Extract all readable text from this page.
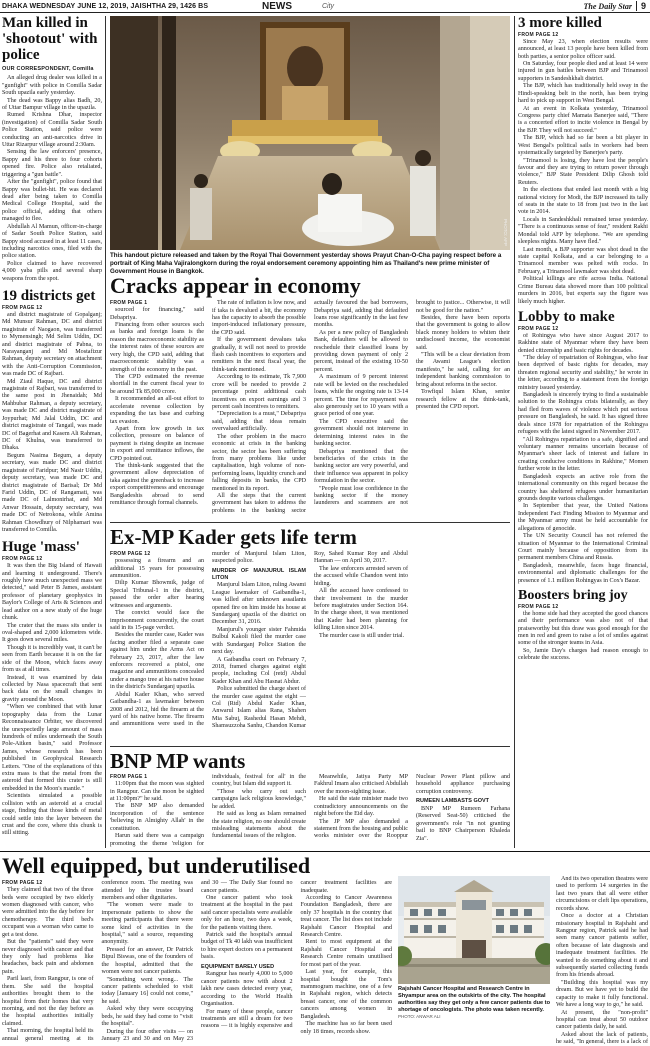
DHAKA WEDNESDAY JUNE 12, 2019, JAISHTHA 29, 1426 BS	NEWS	City	The Daily Star	9
Man killed in 'shootout' with police
OUR CORRESPONDENT, Comilla

An alleged drug dealer was killed in a "gunfight" with police in Comilla Sadar South upazila early yesterday.

The dead was Bappy alias Badh, 20, of Uttar Bampur village in the upazila.

Rumed Krishna Dhar, inspector (investigation) of Comilla Sadar South Police Station, said police were conducting an anti-narcotics drive in Uttar Rizarpur village around 2:30am.

Sensing the law enforcers' presence, Bappy and his three to four cohorts opened fire. Police also retaliated, triggering a "gun battle".

After the "gunfight", police found that Bappy was bullet-hit. He was declared dead after being taken to Comilla Medical College Hospital, said the police official, adding that others managed to flee.

Abdullah Al Mamun, officer-in-charge of Sadar South Police Station, said Bappy stood accused in at least 11 cases, including narcotics ones, filed with the police station.

Police claimed to have recovered 4,000 yaba pills and several sharp weapons from the spot.

19 districts get
FROM PAGE 12

and district magistrate of Gopalganj; Md Munsur Rahman, DC and district magistrate of Naogaon, was transferred to Mymensingh; Md Selim Uddin, DC and district magistrate of Pabna, to Narayanganj and Md Mostafizur Rahman, deputy secretary on attachment with the Anti-Corruption Commission, was made DC of Rajbari.

Md Ziaul Haque, DC and district magistrate of Rajbari, was transferred to the same post in Jhenaidah; Md Mahbubar Rahman, a deputy secretary, was made DC and district magistrate of Joypurhat; Md Jalal Uddin, DC and district magistrate of Tangail, was made DC of Bagerhat and Kasem Ali Rahman, DC of Khulna, was transferred to Dhaka.

Begum Nasima Begum, a deputy secretary, was made DC and district magistrate of Faridpur; Md Nasir Uddin, deputy secretary, was made DC and district magistrate of Barisal; Dr Md Farid Uddin, DC of Rangamati, was made DC of Lalmonirhat, and Md Anwar Hossain, deputy secretary, was made DC of Netrokona, while Amina Rahman Chowdhury of Nilphamari was transferred to Comilla.

Huge 'mass'
FROM PAGE 12

It was then the Big Island of Hawaii and learning it underground. There's roughly how much unexpected mass we detected," said Peter B James, assistant professor of planetary geophysics in Baylor's College of Arts & Sciences and lead author on a new study of the huge chunk.

The crater that the mass sits under is oval-shaped and 2,000 kilometres wide. It goes down several miles.

Though it is incredibly vast, it can't be seen from Earth because it is on the far side of the Moon, which faces away from us at all times.

Instead, it was examined by data collected by Nasa spacecraft that sent back data on the small changes in gravity around the Moon.

"When we combined that with lunar topography data from the Lunar Reconnaissance Orbiter, we discovered the unexpectedly large amount of mass hundreds of miles underneath the South Pole-Aitken basin," said Professor James, whose research has been published in Geophysical Research Letters. "One of the explanations of this extra mass is that the metal from the asteroid that formed this crater is still embedded in the Moon's mantle."

Scientists simulated a possible collision with an asteroid at a crucial stage, finding that those kinds of metal could settle into the layer between the crust and the core, where this chunk is still sitting.

PHOTO: AFP
This handout picture released and taken by the Royal Thai Government yesterday shows Prayut Chan-O-Cha paying respect before a portrait of King Maha Vajiralongkorn during the royal endorsement ceremony appointing him as Thailand's new prime minister of Government House in Bangkok.
Cracks appear in economy
FROM PAGE 1

sourced for financing," said Debapriya.

Financing from other sources such as banks and foreign loans is the reason the macroeconomic stability as the interest rates of these sources are very high, the CPD said, adding that macroeconomic stability was a strength of the economy in the past.

The CPD estimated the revenue shortfall in the current fiscal year to be around Tk 85,000 crore.

It recommended an all-out effort to accelerate revenue collection by expanding the tax base and curbing tax evasion.

Apart from low growth in tax collection, pressure on balance of payment is rising despite an increase in export and remittance inflows, the CPD pointed out.

The think-tank suggested that the government allow depreciation of taka against the greenback to increase export competitiveness and encourage Bangladeshis abroad to send remittance through formal channels.

The rate of inflation is low now, and if taka is devalued a bit, the economy has the capacity to absorb the possible import-induced inflationary pressure, the CPD said.

If the government devalues taka gradually, it will not need to provide flash cash incentives to exporters and remitters in the next fiscal year, the think-tank mentioned.

According to its estimate, Tk 7,900 crore will be needed to provide 2 percentage point additional cash incentives on export earnings and 3 percent cash incentives to remitters.

"Depreciation is a must," Debapriya said, adding that ideas remain overvalued artificially.

The other problem in the macro economic at crisis in the banking sector, the sector has been suffering from many problems like under capitalisation, high volume of non-performing loans, liquidity crunch and falling deposits in banks, the CPD mentioned in its report.

All the steps that the current government has taken to address the problems in the banking sector actually favoured the bad borrowers, Debapriya said, adding that defaulted loans rose significantly in the last few months.

As per a new policy of Bangladesh Bank, defaulters will be allowed to reschedule their classified loans by providing down payment of only 2 percent, instead of the existing 10-50 percent.

A maximum of 9 percent interest rate will be levied on the rescheduled loans, while the ongoing rate is 13-14 percent. The time for repayment was also generously set to 10 years with a grace period of one year.

The CPD executive said the government should not intervene in determining interest rates in the banking sector.

Debapriya mentioned that the beneficiaries of the crisis in the banking sector are very powerful, and their influence was apparent in policy formulation in the sector.

"People must lose confidence in the banking sector if the money launderers and scammers are not brought to justice... Otherwise, it will not be good for the nation."

Besides, there have been reports that the government is going to allow black money holders to whiten their undisclosed income, the economist said.

"This will be a clear deviation from the Awami League's election manifesto," he said, calling for an independent banking commission to bring about reforms in the sector.

Towfiqul Islam Khan, senior research fellow at the think-tank, presented the CPD report.

Ex-MP Kader gets life term
FROM PAGE 12

possessing a firearm and an additional 15 years for possessing ammunition.

Dilip Kumar Bhowmik, judge of Special Tribunal-1 in the district, passed the order after hearing witnesses and arguments.

The convict would face the imprisonment concurrently, the court said in its 15-page verdict.

Besides the murder case, Kader was facing another filed a separate case against him under the Arms Act on February 23, 2017, after the law enforcers recovered a pistol, one magazine and ammunitions concealed under a mango tree at his native house in the district's Sundarganj upazila.

Abdul Kader Khan, who served Gaibandha-1 as lawmaker between 2008 and 2012, hid the firearm at the yard of his native home. The firearm and ammunitions were used in the murder of Manjurul Islam Liton, suspected police.

MURDER OF MANJURUL ISLAM LITON

Manjurul Islam Liton, ruling Awami League lawmaker of Gaibandha-1, was killed after unknown assailants opened fire on him inside his house at Sundarganj upazila of the district on December 31, 2016.

Manjurul's younger sister Fahmida Bulbul Kakoli filed the murder case with Sundarganj Police Station the next day.

A Gaibandha court on February 7, 2018, framed charges against eight people, including Col (retd) Abdul Kader Khan and Abu Hasnat Abdur.

Police submitted the charge sheet of the murder case against the eight — Col (Rtd) Abdul Kader Khan, Anwarul Islam alias Rana, Shahen Mia Sabuj, Rashedul Hasan Mehdi, Shamsuzzoha Sanhu, Chandon Kumar Roy, Sahed Kumar Roy and Abdul Hannan — on April 30, 2017.

The law enforcers arrested seven of the accused while Chandon went into hiding.

All the accused have confessed to their involvement in the murder before magistrates under Section 164. In the charge sheet, it was mentioned that Kader had been planning for killing Liton since 2014.

The murder case is still under trial.

BNP MP wants
FROM PAGE 1

11:00pm that the moon was sighted in Rangpur. Can the moon be sighted at 11:00pm?" he said.

The BNP MP also demanded incorporation of the sentence 'believing in Almighty Allah' in the constitution.

Harun said there was a campaign promoting the theme 'religion for individuals, festival for all' in the country, but Islam did support it.

"Those who carry out such campaigns lack religious knowledge," he added.

He said as long as Islam remained the state religion, no one should create misleading statements about the fundamental issues of the religion.

Meanwhile, Jatiya Party MP Fakhrul Imam also criticised Abdullah over the moon-sighting issue.

He said the state minister made two contradictory announcements on the night before the Eid day.

The JP MP also demanded a statement from the housing and public works minister over the Rooppur Nuclear Power Plant pillow and household appliance purchasing corruption controversy.

RUMEEN LAMBASTS GOVT

BNP MP Rumeen Farhana (Reserved Seat-50) criticised the government's role "in not granting bail to BNP Chairperson Khaleda Zia".

3 more killed
FROM PAGE 12

Since May 23, when election results were announced, at least 13 people have been killed from both parties, a senior police officer said.

On Saturday, four people died and at least 14 were injured in gun battles between BJP and Trinamool supporters in Sandeshkhali district.

The BJP, which has traditionally held sway in the Hindi-speaking belt in the north, has been trying hard to pick up support in West Bengal.

At an event in Kolkata yesterday, Trinamool Congress party chief Mamata Banerjee said, "There is a concerted effort to incite violence in Bengal by the BJP. They will not succeed."

The BJP, which had so far been a bit player in West Bengal's political sails in workers had been systematically targeted by Banerjee's party.

"Trinamool is losing, they have lost the people's favour and they are trying to return power through violence," BJP State President Dilip Ghosh told Reuters.

In the elections that ended last month with a big national victory for Modi, the BJP increased its tally of seats in the state to 18 from just two in the last vote in 2014.

Locals in Sandeshkhali remained tense yesterday. "There is a continuous sense of fear," resident Rakhi Mondal told AFP by telephone. "We are spending sleepless nights. Many have fled."

Last month, a BJP supporter was shot dead in the state capital Kolkata, and a car belonging to a Trinamool member was pelted with rocks. In February, a Trinamool lawmaker was shot dead.

Political killings are rife across India. National Crime Bureau data showed more than 100 political murders in 2016, but experts say the figure was likely much higher.

Lobby to make
FROM PAGE 12

of Rohingya who have since August 2017 to Rakhine state of Myanmar where they have been denied citizenship and basic rights for decades.

"The delay of repatriation of Rohingyas, who fear been deprived of basic rights for decades, may threaten regional security and stability," he wrote in the letter, according to a statement from the foreign ministry issued yesterday.

Bangladesh is sincerely trying to find a sustainable solution to the Rohingya crisis bilaterally, as they had fled from waves of violence which put serious pressure on Bangladesh, he said. It has signed three deals since 1978 for repatriation of the Rohingya refugees with the latest signed in November 2017.

"All Rohingya repatriation to a safe, dignified and voluntary manner remains uncertain because of Myanmar's sheer lack of interest and failure in creating conducive conditions in Rakhine," Momen further wrote in the letter.

Bangladesh expects an active role from the international community on this regard because the country has sheltered refugees under humanitarian grounds despite various challenges.

In September that year, the United Nations Independent Fact Finding Mission to Myanmar and the Myanmar army must be held accountable for allegations of genocide.

The UN Security Council has not referred the situation of Myanmar to the International Criminal Court mainly because of opposition from its permanent members China and Russia.

Bangladesh, meanwhile, faces huge financial, environmental and diplomatic challenges for the presence of 1.1 million Rohingyas in Cox's Bazar.

Boosters bring joy
FROM PAGE 12

the home side had they accepted the good chances and their performance was also not of that praiseworthy but this draw was good enough for the men in red and green to raise a lot of smiles against some of the stronger teams in Asia.

So, Jamie Day's charges had reason enough to celebrate the success.

Well equipped, but underutilised
FROM PAGE 12

They claimed that two of the three beds were occupied by two elderly women diagnosed with cancer, who were admitted into the day before for chemotherapy. The third bed's occupant was a woman who came to get a test done.

But the "patients" said they were never diagnosed with cancer and that they only had problems like headaches, back pain and abdomen pain.

Paril lasri, from Rangpur, is one of them. She said the hospital authorities brought them to the hospital from their homes that very morning, and not the day before as the hospital authorities initially claimed.

That morning, the hospital held its annual general meeting at its conference room. The meeting was attended by the trustee board members and other dignitaries.

"The women were made to impersonate patients to show the meeting participants that there were some kind of activities in the hospital," said a source, requesting anonymity.

Pressed for an answer, Dr Patrick Bipul Biswas, one of the founders of the hospital, admitted that the women were not cancer patients.

"Something went wrong... The cancer patients scheduled to visit today [January 16] could not come," he said.

Asked why they were occupying beds, he said they had come to "visit the hospital".

During the four other visits — on January 23 and 30 and on May 23 and 30 — The Daily Star found no cancer patients.

One cancer patient who took treatment at the hospital in the past said cancer specialists were available only for an hour, two days a week, for the patients visiting there.

Patrick said the hospital's annual budget of Tk 40 lakh was insufficient to hire expert doctors on a permanent basis.

EQUIPMENT BARELY USED

Rangpur has nearly 4,000 to 5,000 cancer patients now with about 2 lakh new cases detected every year, according to the World Health Organisation.

For many of these people, cancer treatments are still a dream for two reasons — it is highly expensive and cancer treatment facilities are inadequate.

According to Cancer Awareness Foundation Bangladesh, there are only 37 hospitals in the country that treat cancer. The list does not include Rajshahi Cancer Hospital and Research Centre.

Rent to most equipment at the Rajshahi Cancer Hospital and Research Centre remain unutilised for most part of the year.

Last year, for example, this hospital bought the Tom's mammogram machine, one of a few in Rajshahi region, which detects breast cancer, one of the common cancers among women in Bangladesh.

The machine has so far been used only 18 times, records show.

Rajshahi Cancer Hospital and Research Centre in Shyampur area on the outskirts of the city. The hospital authorities say they get only a few cancer patients due to shortage of oncologists. The photo was taken recently. PHOTO: ANWAR ALI

And its two operation theatres were used to perform 14 surgeries in the last two years that all were either circumcisions or cleft lips operations, records show.

Once a doctor at a Christian missionary hospital in Rajshahi and Rangpur region, Patrick said he had seen many cancer patients suffer, often because of late diagnosis and inadequate treatment facilities. He wanted to do something about it and subsequently started collecting funds from his friends abroad.

"Building this hospital was my dream. But we have yet to build the capacity to make it fully functional. We have a long way to go," he said.

At present, the "non-profit" hospital can treat about 50 outdoor cancer patients daily, he said.

Asked about the lack of patients, he said, "In general, there is a lack of
